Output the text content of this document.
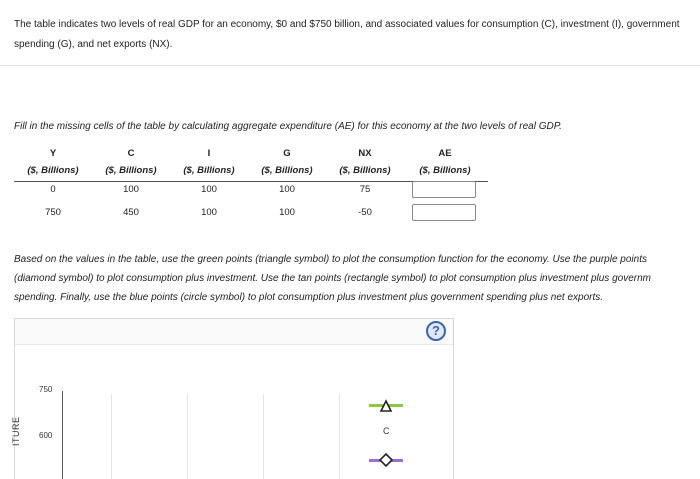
The table indicates two levels of real GDP for an economy, $0 and $750 billion, and associated values for consumption (C), investment (I), government spending (G), and net exports (NX).
Fill in the missing cells of the table by calculating aggregate expenditure (AE) for this economy at the two levels of real GDP.
Y	C	I	G	NX	AE
($, Billions)	($, Billions)	($, Billions)	($, Billions)	($, Billions)	($, Billions)
0	100	100	100	75
750	450	100	100	-50
Based on the values in the table, use the green points (triangle symbol) to plot the consumption function for the economy. Use the purple points
(diamond symbol) to plot consumption plus investment. Use the tan points (rectangle symbol) to plot consumption plus investment plus governm
spending. Finally, use the blue points (circle symbol) to plot consumption plus investment plus government spending plus net exports.
?
750
600
ITURE	C
